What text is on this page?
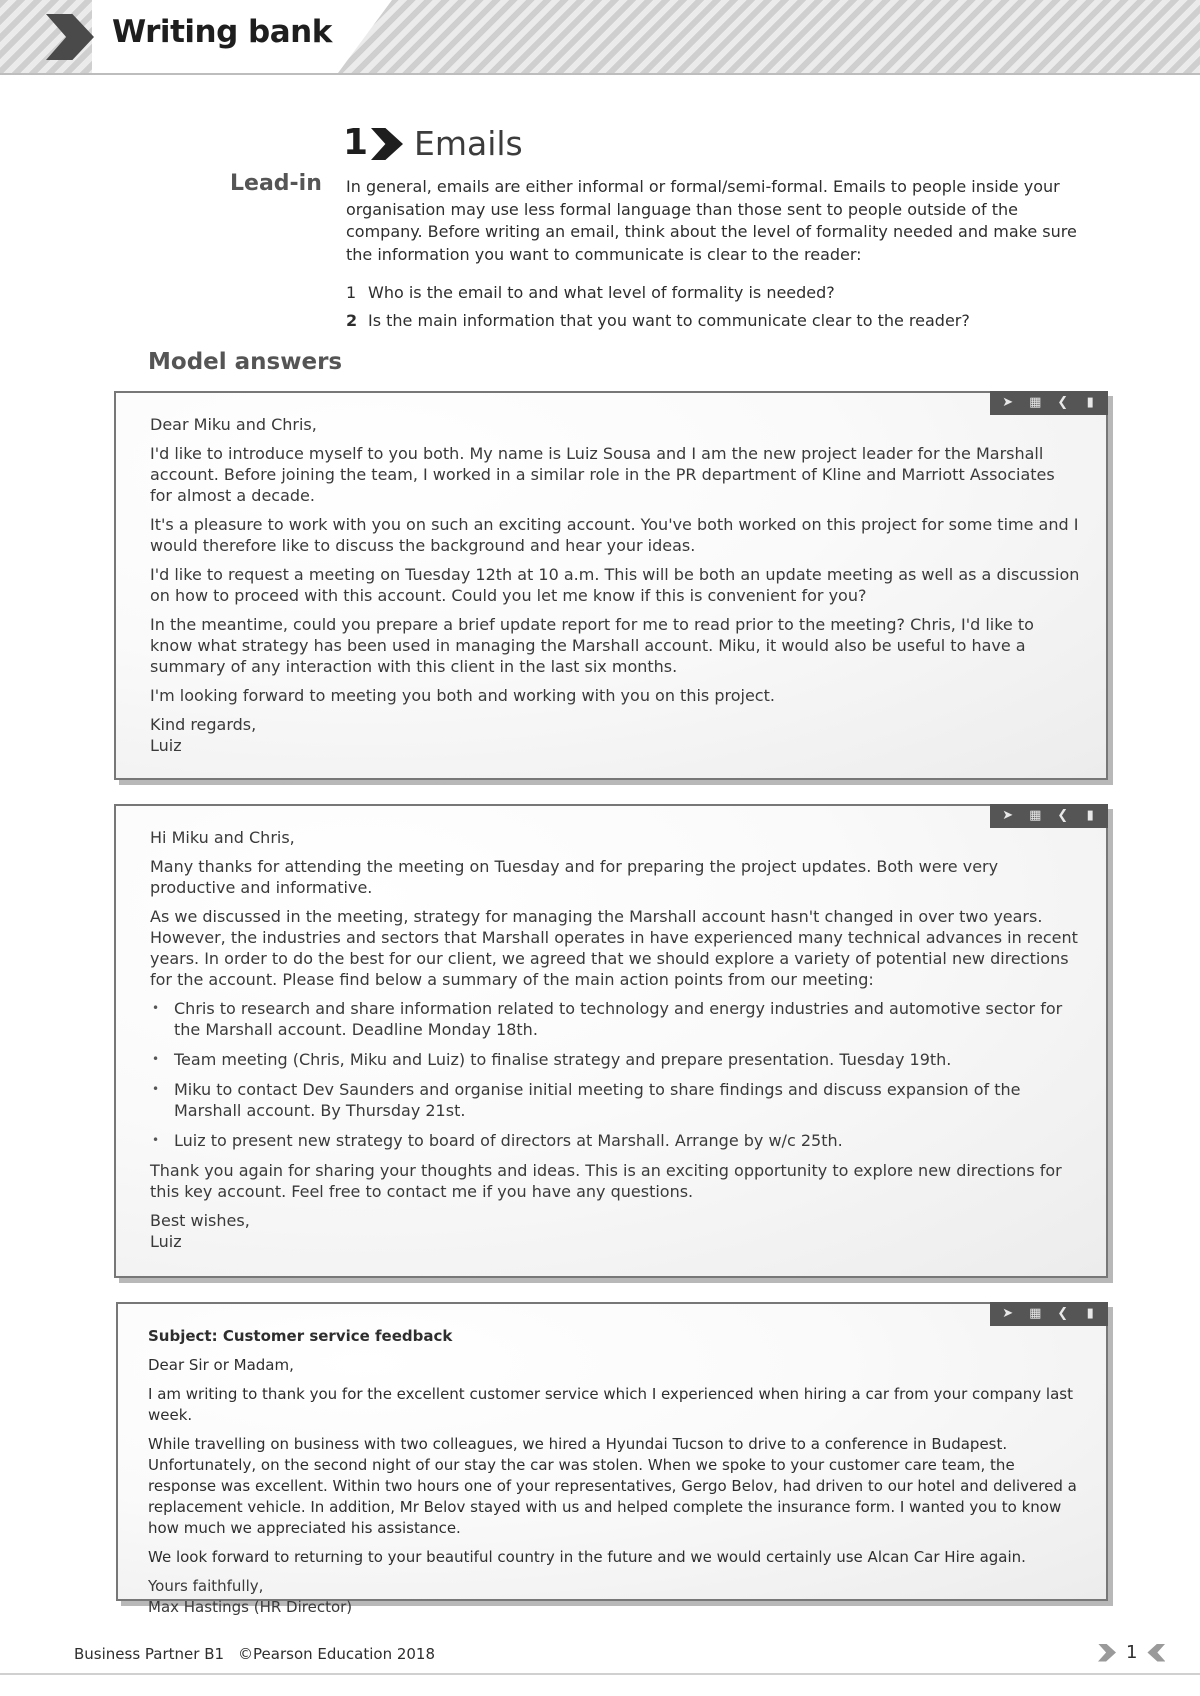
Writing bank
1 Emails
Lead-in In general, emails are either informal or formal/semi-formal. Emails to people inside your organisation may use less formal language than those sent to people outside of the company. Before writing an email, think about the level of formality needed and make sure the information you want to communicate is clear to the reader:

1 Who is the email to and what level of formality is needed?
2 Is the main information that you want to communicate clear to the reader?
Model answers
➤	▦	❮	▮

Dear Miku and Chris,

I'd like to introduce myself to you both. My name is Luiz Sousa and I am the new project leader for the Marshall account. Before joining the team, I worked in a similar role in the PR department of Kline and Marriott Associates for almost a decade.

It's a pleasure to work with you on such an exciting account. You've both worked on this project for some time and I would therefore like to discuss the background and hear your ideas.

I'd like to request a meeting on Tuesday 12th at 10 a.m. This will be both an update meeting as well as a discussion on how to proceed with this account. Could you let me know if this is convenient for you?

In the meantime, could you prepare a brief update report for me to read prior to the meeting? Chris, I'd like to know what strategy has been used in managing the Marshall account. Miku, it would also be useful to have a summary of any interaction with this client in the last six months.

I'm looking forward to meeting you both and working with you on this project.

Kind regards,
Luiz
➤	▦	❮	▮

Hi Miku and Chris,

Many thanks for attending the meeting on Tuesday and for preparing the project updates. Both were very productive and informative.

As we discussed in the meeting, strategy for managing the Marshall account hasn't changed in over two years. However, the industries and sectors that Marshall operates in have experienced many technical advances in recent years. In order to do the best for our client, we agreed that we should explore a variety of potential new directions for the account. Please find below a summary of the main action points from our meeting:

• Chris to research and share information related to technology and energy industries and automotive sector for the Marshall account. Deadline Monday 18th.
• Team meeting (Chris, Miku and Luiz) to finalise strategy and prepare presentation. Tuesday 19th.
• Miku to contact Dev Saunders and organise initial meeting to share findings and discuss expansion of the Marshall account. By Thursday 21st.
• Luiz to present new strategy to board of directors at Marshall. Arrange by w/c 25th.

Thank you again for sharing your thoughts and ideas. This is an exciting opportunity to explore new directions for this key account. Feel free to contact me if you have any questions.

Best wishes,
Luiz
➤	▦	❮	▮

Subject: Customer service feedback

Dear Sir or Madam,

I am writing to thank you for the excellent customer service which I experienced when hiring a car from your company last week.

While travelling on business with two colleagues, we hired a Hyundai Tucson to drive to a conference in Budapest. Unfortunately, on the second night of our stay the car was stolen. When we spoke to your customer care team, the response was excellent. Within two hours one of your representatives, Gergo Belov, had driven to our hotel and delivered a replacement vehicle. In addition, Mr Belov stayed with us and helped complete the insurance form. I wanted you to know how much we appreciated his assistance.

We look forward to returning to your beautiful country in the future and we would certainly use Alcan Car Hire again.

Yours faithfully,
Max Hastings (HR Director)
Business Partner B1 ©Pearson Education 2018	1
